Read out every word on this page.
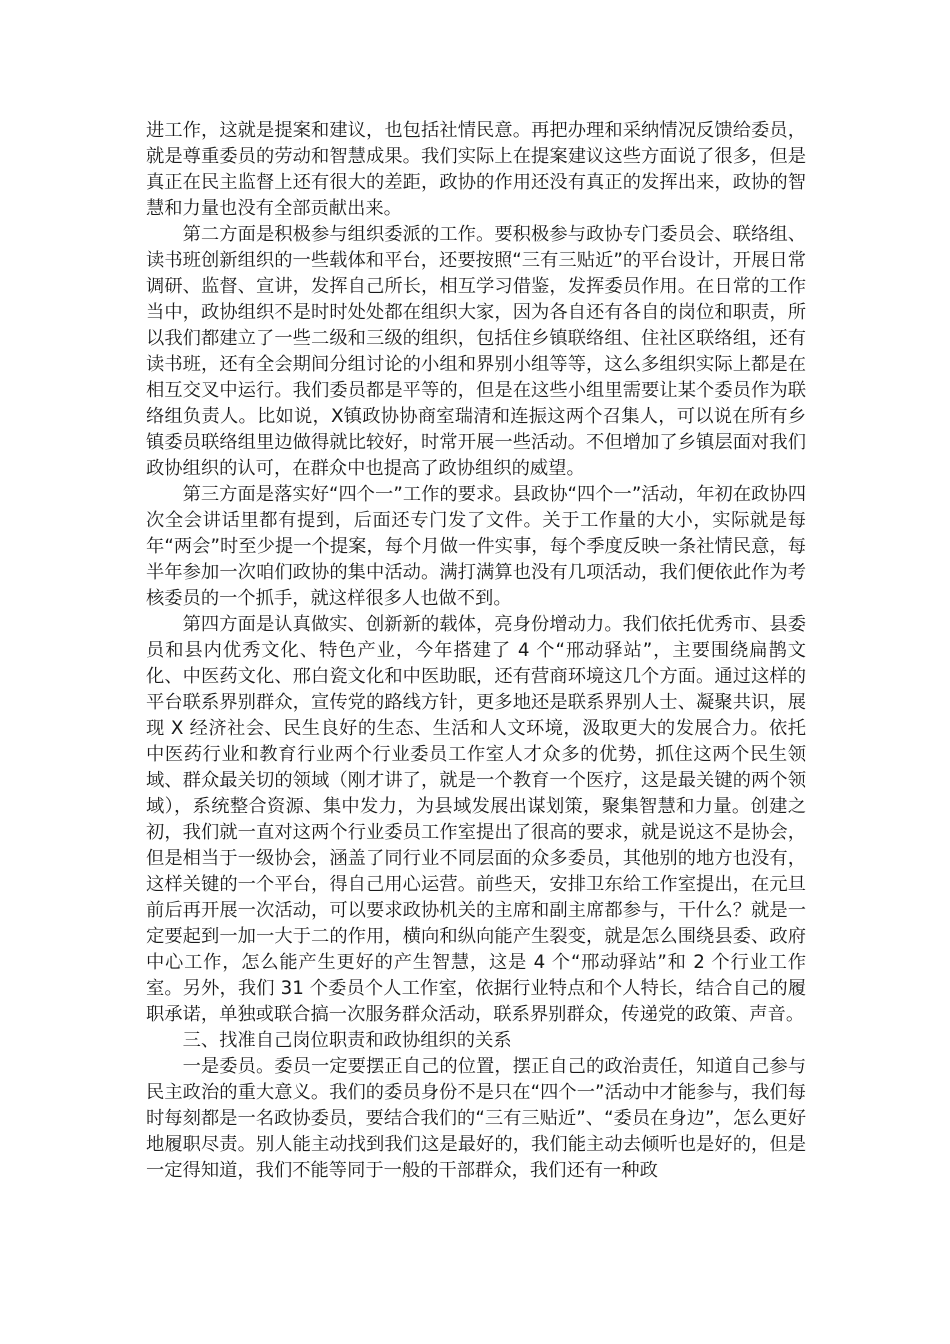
进工作，这就是提案和建议，也包括社情民意。再把办理和采纳情况反馈给委员，就是尊重委员的劳动和智慧成果。我们实际上在提案建议这些方面说了很多，但是真正在民主监督上还有很大的差距，政协的作用还没有真正的发挥出来，政协的智慧和力量也没有全部贡献出来。

第二方面是积极参与组织委派的工作。要积极参与政协专门委员会、联络组、读书班创新组织的一些载体和平台，还要按照“三有三贴近”的平台设计，开展日常调研、监督、宣讲，发挥自己所长，相互学习借鉴，发挥委员作用。在日常的工作当中，政协组织不是时时处处都在组织大家，因为各自还有各自的岗位和职责，所以我们都建立了一些二级和三级的组织，包括住乡镇联络组、住社区联络组，还有读书班，还有全会期间分组讨论的小组和界别小组等等，这么多组织实际上都是在相互交叉中运行。我们委员都是平等的，但是在这些小组里需要让某个委员作为联络组负责人。比如说，X镇政协协商室瑞清和连振这两个召集人，可以说在所有乡镇委员联络组里边做得就比较好，时常开展一些活动。不但增加了乡镇层面对我们政协组织的认可，在群众中也提高了政协组织的威望。

第三方面是落实好“四个一”工作的要求。县政协“四个一”活动，年初在政协四次全会讲话里都有提到，后面还专门发了文件。关于工作量的大小，实际就是每年“两会”时至少提一个提案，每个月做一件实事，每个季度反映一条社情民意，每半年参加一次咱们政协的集中活动。满打满算也没有几项活动，我们便依此作为考核委员的一个抓手，就这样很多人也做不到。

第四方面是认真做实、创新新的载体，亮身份增动力。我们依托优秀市、县委员和县内优秀文化、特色产业，今年搭建了 4 个“邢动驿站”，主要围绕扁鹊文化、中医药文化、邢白瓷文化和中医助眠，还有营商环境这几个方面。通过这样的平台联系界别群众，宣传党的路线方针，更多地还是联系界别人士、凝聚共识，展现 X 经济社会、民生良好的生态、生活和人文环境，汲取更大的发展合力。依托中医药行业和教育行业两个行业委员工作室人才众多的优势，抓住这两个民生领域、群众最关切的领域（刚才讲了，就是一个教育一个医疗，这是最关键的两个领域），系统整合资源、集中发力，为县域发展出谋划策，聚集智慧和力量。创建之初，我们就一直对这两个行业委员工作室提出了很高的要求，就是说这不是协会，但是相当于一级协会，涵盖了同行业不同层面的众多委员，其他别的地方也没有，这样关键的一个平台，得自己用心运营。前些天，安排卫东给工作室提出，在元旦前后再开展一次活动，可以要求政协机关的主席和副主席都参与，干什么？就是一定要起到一加一大于二的作用，横向和纵向能产生裂变，就是怎么围绕县委、政府中心工作，怎么能产生更好的产生智慧，这是 4 个“邢动驿站”和 2 个行业工作室。另外，我们 31 个委员个人工作室，依据行业特点和个人特长，结合自己的履职承诺，单独或联合搞一次服务群众活动，联系界别群众，传递党的政策、声音。

三、找准自己岗位职责和政协组织的关系

一是委员。委员一定要摆正自己的位置，摆正自己的政治责任，知道自己参与民主政治的重大意义。我们的委员身份不是只在“四个一”活动中才能参与，我们每时每刻都是一名政协委员，要结合我们的“三有三贴近”、“委员在身边”，怎么更好地履职尽责。别人能主动找到我们这是最好的，我们能主动去倾听也是好的，但是一定得知道，我们不能等同于一般的干部群众，我们还有一种政
